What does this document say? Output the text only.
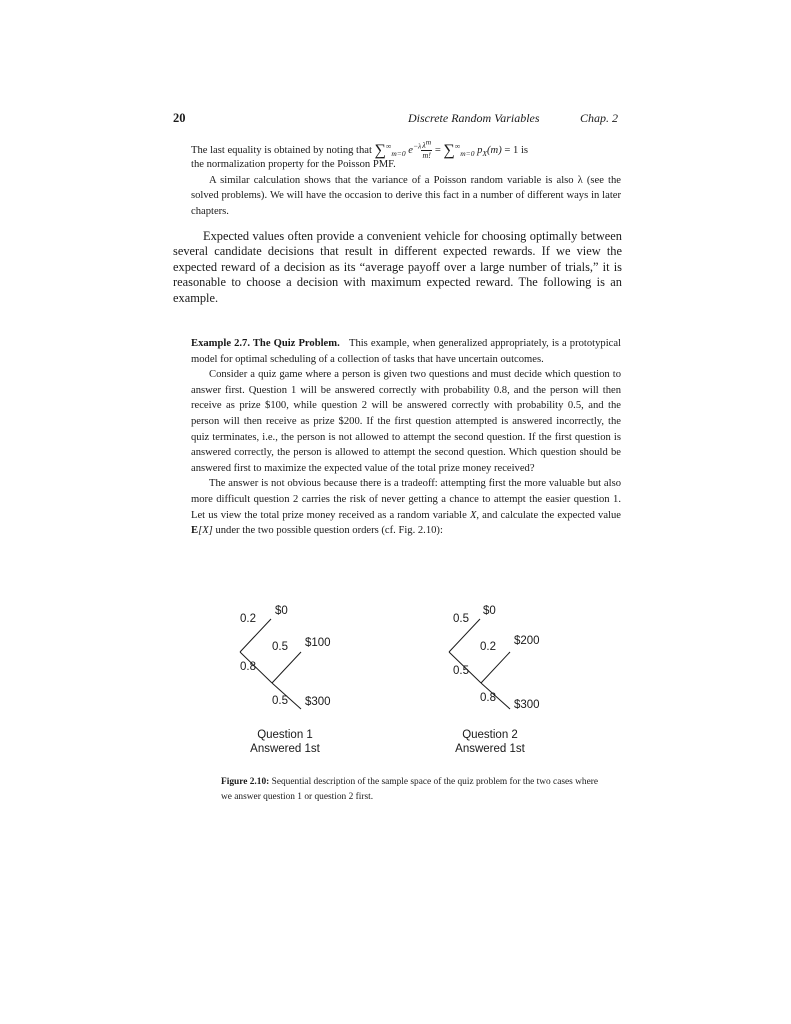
20	Discrete Random Variables	Chap. 2

The last equality is obtained by noting that $\sum^\infty_{m=0}$ $e^{-\lambda} \frac{\lambda^m}{m!} = \sum^\infty_{m=0}$ $p_X(m) = 1$ is

the normalization property for the Poisson PMF.

A similar calculation shows that the variance of a Poisson random variable is also λ (see the solved problems). We will have the occasion to derive this fact in a number of different ways in later chapters.

Expected values often provide a convenient vehicle for choosing optimally between several candidate decisions that result in different expected rewards. If we view the expected reward of a decision as its “average payoff over a large number of trials,” it is reasonable to choose a decision with maximum expected reward. The following is an example.

Example 2.7. The Quiz Problem. This example, when generalized appropriately, is a prototypical model for optimal scheduling of a collection of tasks that have uncertain outcomes.

Consider a quiz game where a person is given two questions and must decide which question to answer first. Question 1 will be answered correctly with probability 0.8, and the person will then receive as prize $100, while question 2 will be answered correctly with probability 0.5, and the person will then receive as prize $200. If the first question attempted is answered incorrectly, the quiz terminates, i.e., the person is not allowed to attempt the second question. If the first question is answered correctly, the person is allowed to attempt the second question. Which question should be answered first to maximize the expected value of the total prize money received?

The answer is not obvious because there is a tradeoff: attempting first the more valuable but also more difficult question 2 carries the risk of never getting a chance to attempt the easier question 1. Let us view the total prize money received as a random variable X, and calculate the expected value E[X] under the two possible question orders (cf. Fig. 2.10):

0.2
$0
0.5 $100
0.8
0.5 $300
Question 1
Answered 1st
0.5
$0
0.2 $200
0.5
0.8
$300
Question 2
Answered 1st
Figure 2.10: Sequential description of the sample space of the quiz problem for the two cases where we answer question 1 or question 2 first.
